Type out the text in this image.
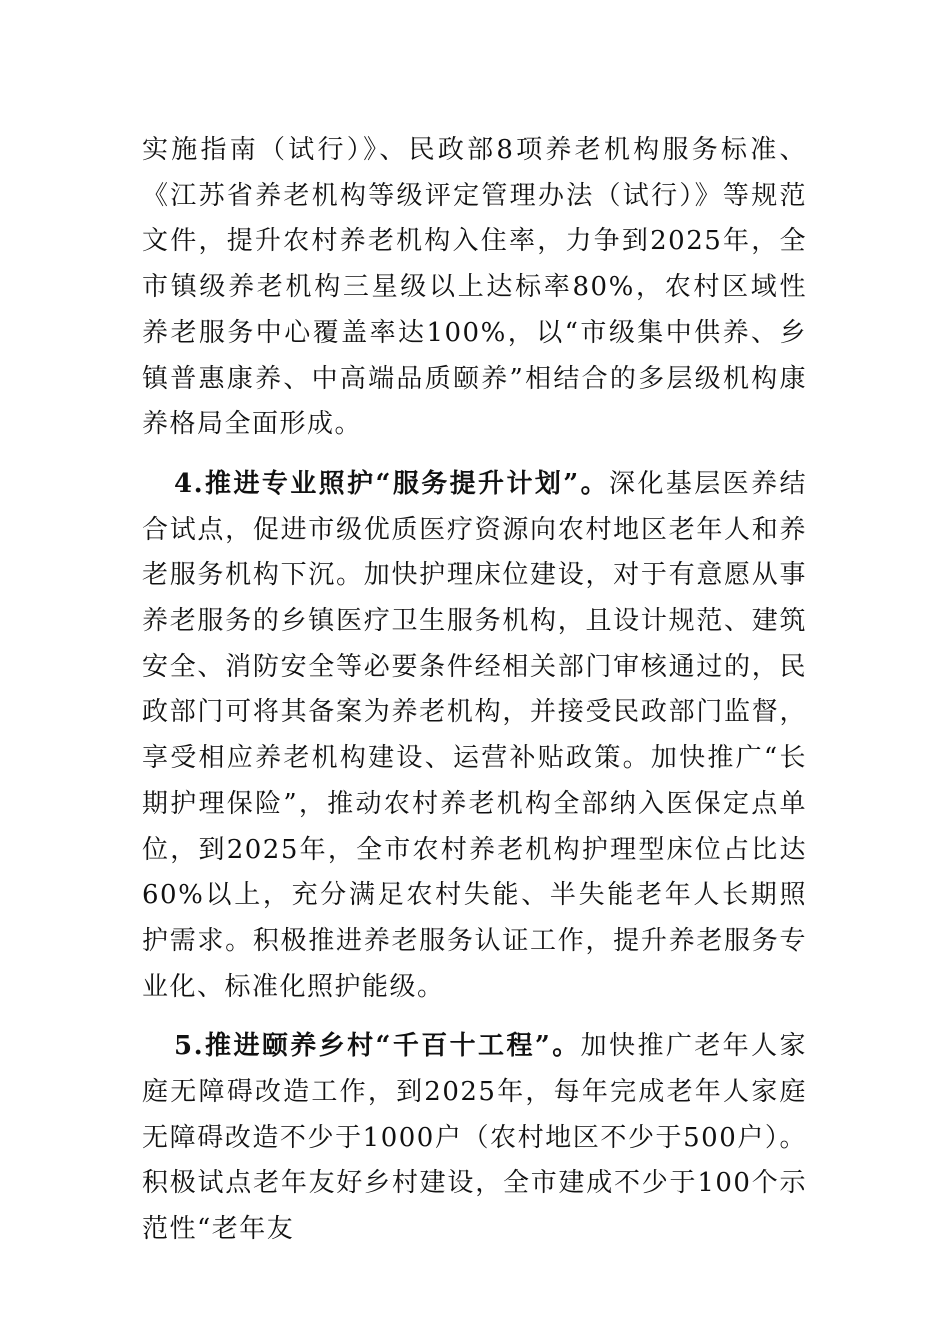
实施指南（试行）》、民政部8项养老机构服务标准、《江苏省养老机构等级评定管理办法（试行）》等规范文件，提升农村养老机构入住率，力争到2025年，全市镇级养老机构三星级以上达标率80%，农村区域性养老服务中心覆盖率达100%，以“市级集中供养、乡镇普惠康养、中高端品质颐养”相结合的多层级机构康养格局全面形成。

4.推进专业照护“服务提升计划”。深化基层医养结合试点，促进市级优质医疗资源向农村地区老年人和养老服务机构下沉。加快护理床位建设，对于有意愿从事养老服务的乡镇医疗卫生服务机构，且设计规范、建筑安全、消防安全等必要条件经相关部门审核通过的，民政部门可将其备案为养老机构，并接受民政部门监督，享受相应养老机构建设、运营补贴政策。加快推广“长期护理保险”，推动农村养老机构全部纳入医保定点单位，到2025年，全市农村养老机构护理型床位占比达60%以上，充分满足农村失能、半失能老年人长期照护需求。积极推进养老服务认证工作，提升养老服务专业化、标准化照护能级。

5.推进颐养乡村“千百十工程”。加快推广老年人家庭无障碍改造工作，到2025年，每年完成老年人家庭无障碍改造不少于1000户（农村地区不少于500户）。积极试点老年友好乡村建设，全市建成不少于100个示范性“老年友
